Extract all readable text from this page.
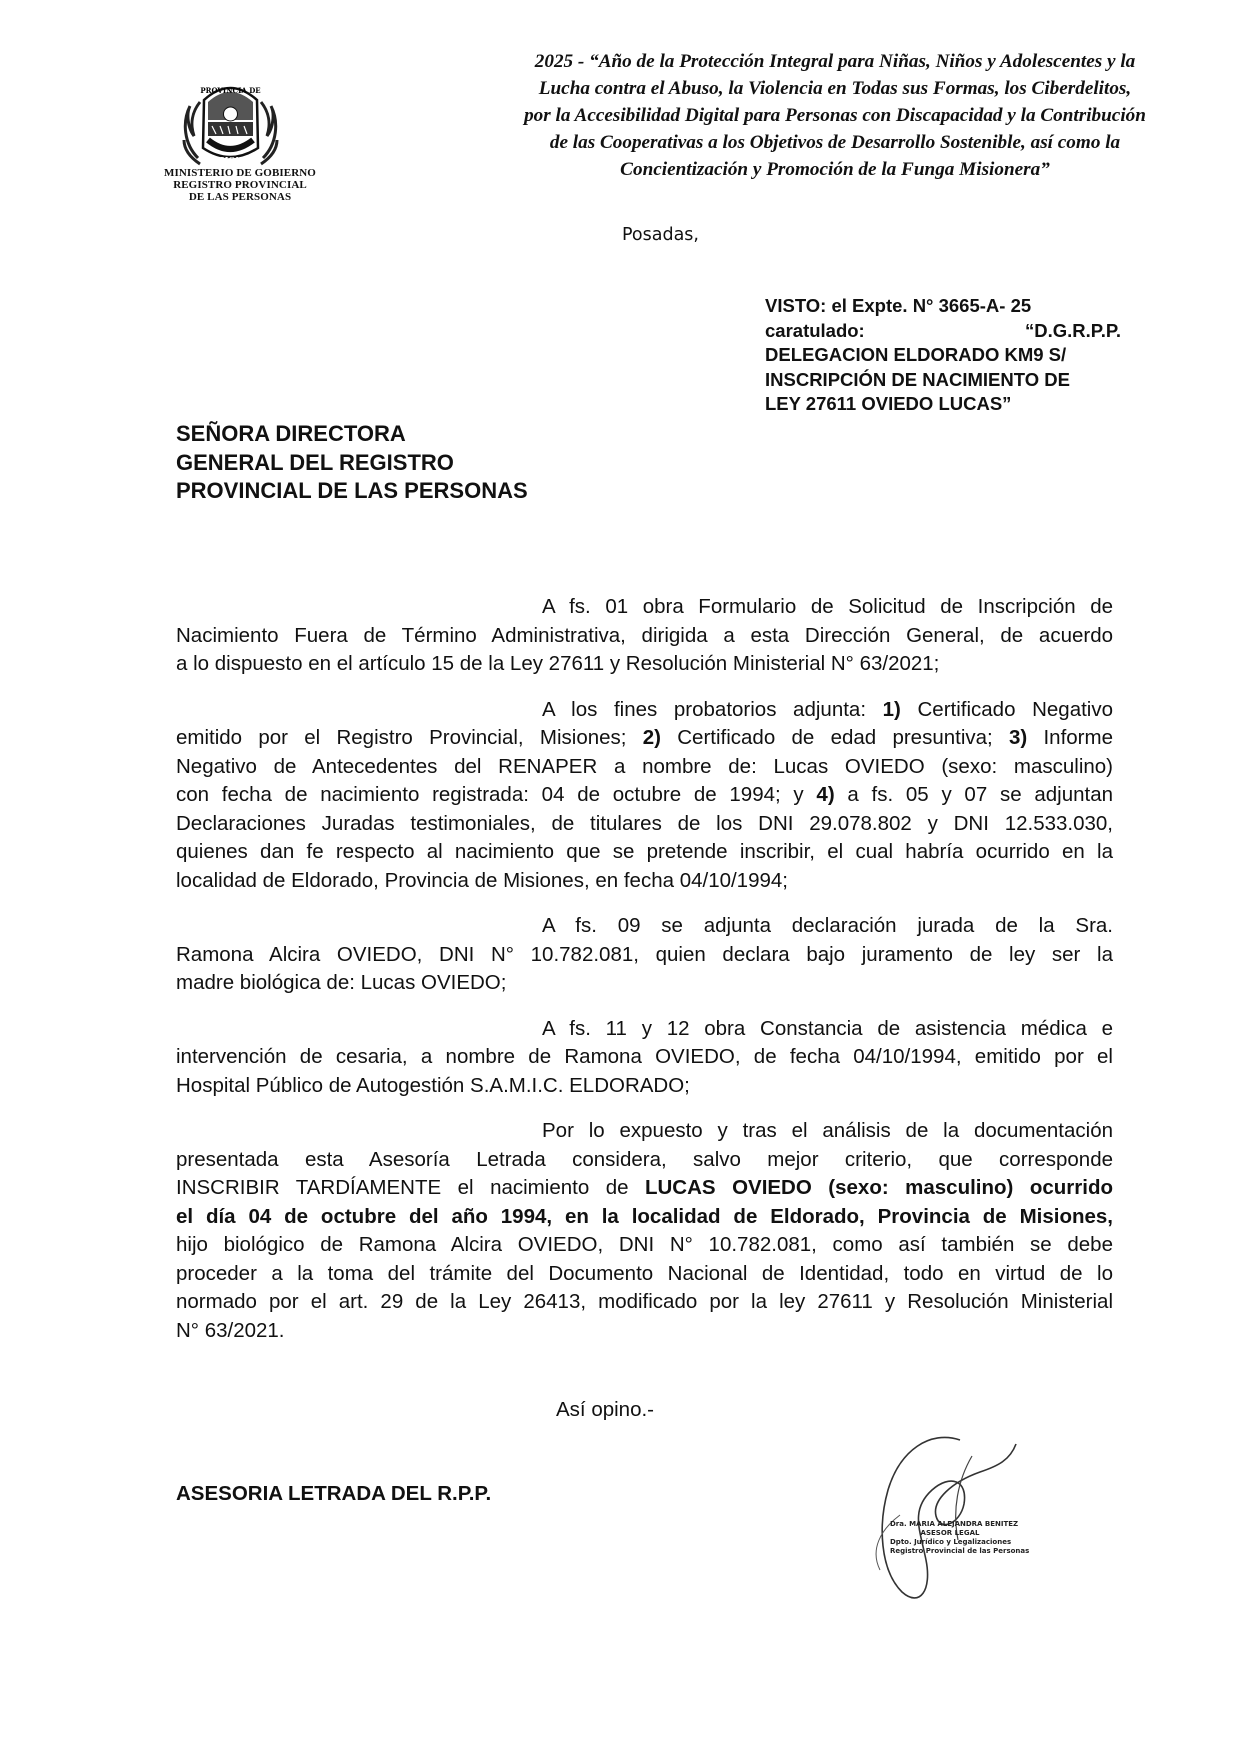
PROVINCIA DE
MISIONES
MINISTERIO DE GOBIERNO
REGISTRO PROVINCIAL
DE LAS PERSONAS
2025 - “Año de la Protección Integral para Niñas, Niños y Adolescentes y la
Lucha contra el Abuso, la Violencia en Todas sus Formas, los Ciberdelitos,
por la Accesibilidad Digital para Personas con Discapacidad y la Contribución
de las Cooperativas a los Objetivos de Desarrollo Sostenible, así como la
Concientización y Promoción de la Funga Misionera”
Posadas,
VISTO: el Expte. N° 3665-A- 25
caratulado:	“D.G.R.P.P.
DELEGACION ELDORADO KM9 S/
INSCRIPCIÓN DE NACIMIENTO DE
LEY 27611 OVIEDO LUCAS”
SEÑORA DIRECTORA
GENERAL DEL REGISTRO
PROVINCIAL DE LAS PERSONAS
A fs. 01 obra Formulario de Solicitud de Inscripción de
Nacimiento Fuera de Término Administrativa, dirigida a esta Dirección General, de acuerdo
a lo dispuesto en el artículo 15 de la Ley 27611 y Resolución Ministerial N° 63/2021;
A los fines probatorios adjunta: 1) Certificado Negativo
emitido por el Registro Provincial, Misiones; 2) Certificado de edad presuntiva; 3) Informe
Negativo de Antecedentes del RENAPER a nombre de: Lucas OVIEDO (sexo: masculino)
con fecha de nacimiento registrada: 04 de octubre de 1994; y 4) a fs. 05 y 07 se adjuntan
Declaraciones Juradas testimoniales, de titulares de los DNI 29.078.802 y DNI 12.533.030,
quienes dan fe respecto al nacimiento que se pretende inscribir, el cual habría ocurrido en la
localidad de Eldorado, Provincia de Misiones, en fecha 04/10/1994;
A fs. 09 se adjunta declaración jurada de la Sra.
Ramona Alcira OVIEDO, DNI N° 10.782.081, quien declara bajo juramento de ley ser la
madre biológica de: Lucas OVIEDO;
A fs. 11 y 12 obra Constancia de asistencia médica e
intervención de cesaria, a nombre de Ramona OVIEDO, de fecha 04/10/1994, emitido por el
Hospital Público de Autogestión S.A.M.I.C. ELDORADO;
Por lo expuesto y tras el análisis de la documentación
presentada esta Asesoría Letrada considera, salvo mejor criterio, que corresponde
INSCRIBIR TARDÍAMENTE el nacimiento de LUCAS OVIEDO (sexo: masculino) ocurrido
el día 04 de octubre del año 1994, en la localidad de Eldorado, Provincia de Misiones,
hijo biológico de Ramona Alcira OVIEDO, DNI N° 10.782.081, como así también se debe
proceder a la toma del trámite del Documento Nacional de Identidad, todo en virtud de lo
normado por el art. 29 de la Ley 26413, modificado por la ley 27611 y Resolución Ministerial
N° 63/2021.
Así opino.-
ASESORIA LETRADA DEL R.P.P.
Dra. MARIA ALEJANDRA BENITEZ
ASESOR LEGAL
Dpto. Jurídico y Legalizaciones
Registro Provincial de las Personas
